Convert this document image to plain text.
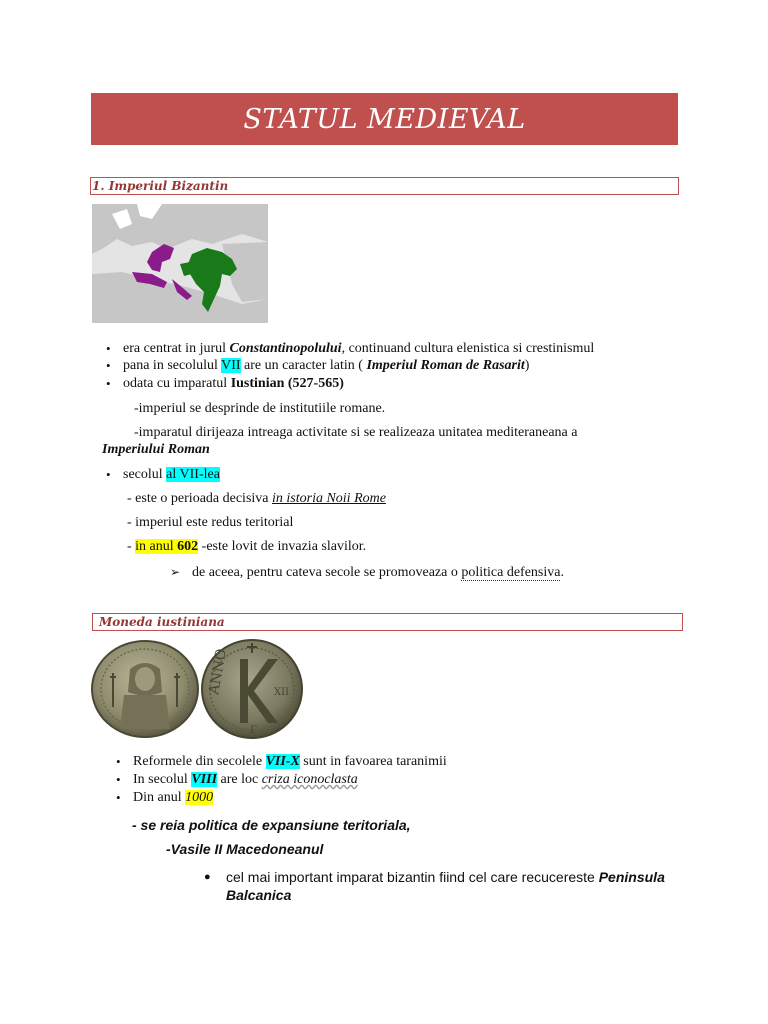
STATUL MEDIEVAL
1. Imperiul Bizantin
• era centrat in jurul Constantinopolului, continuand cultura elenistica si crestinismul
• pana in secolulul VII are un caracter latin ( Imperiul Roman de Rasarit)
• odata cu imparatul Iustinian (527-565)
-imperiul se desprinde de institutiile romane.
-imparatul dirijeaza intreaga activitate si se realizeaza unitatea mediteraneana a
Imperiului Roman
• secolul al VII-lea
- este o perioada decisiva in istoria Noii Rome
- imperiul este redus teritorial
- in anul 602 -este lovit de invazia slavilor.
➢ de aceea, pentru cateva secole se promoveaza o politica defensiva.
Moneda iustiniana
ANNO	XII
Γ
• Reformele din secolele VII-X sunt in favoarea taranimii
• In secolul VIII are loc criza iconoclasta
• Din anul 1000
- se reia politica de expansiune teritoriala,
-Vasile II Macedoneanul
● cel mai important imparat bizantin fiind cel care recucereste Peninsula
Balcanica
